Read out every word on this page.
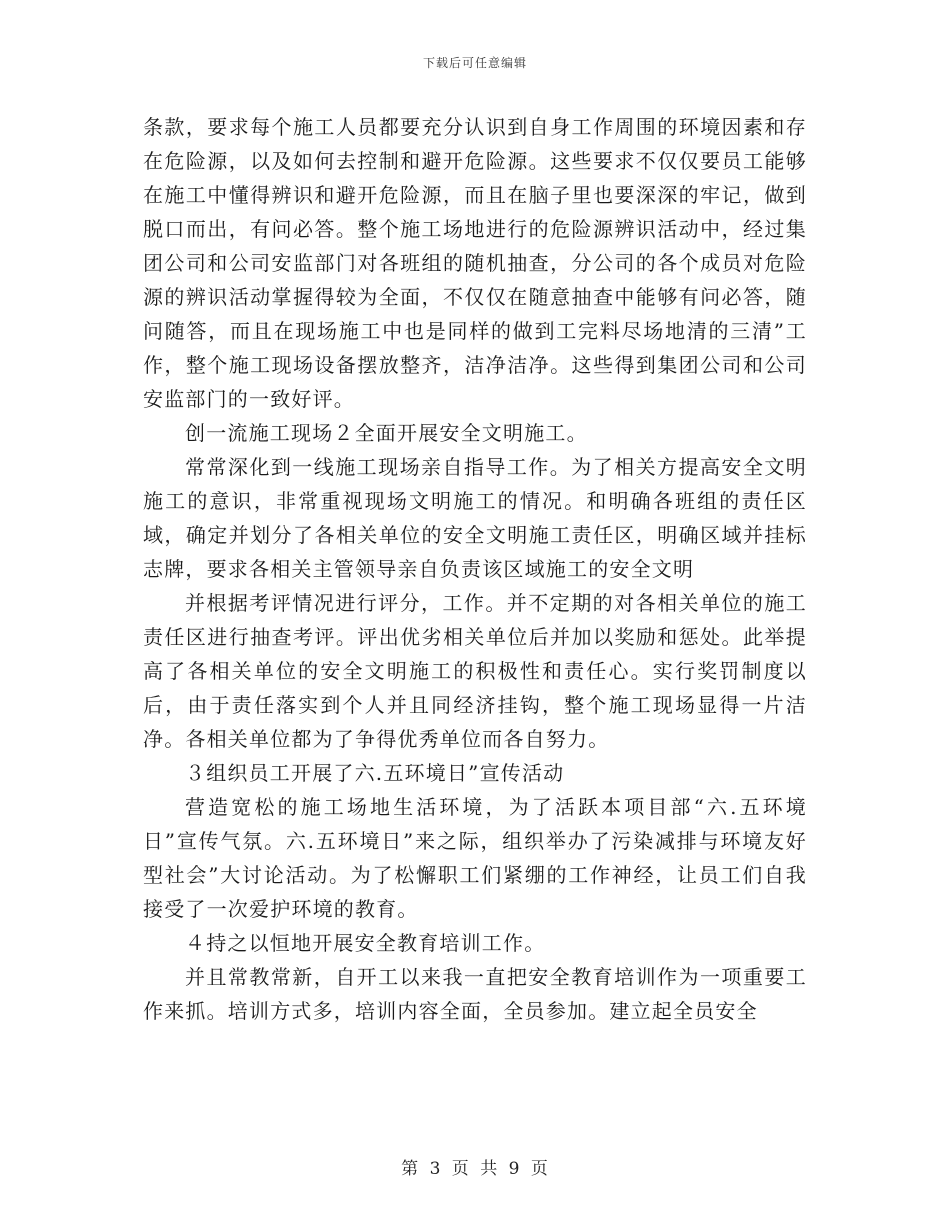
下载后可任意编辑

条款，要求每个施工人员都要充分认识到自身工作周围的环境因素和存在危险源，以及如何去控制和避开危险源。这些要求不仅仅要员工能够在施工中懂得辨识和避开危险源，而且在脑子里也要深深的牢记，做到脱口而出，有问必答。整个施工场地进行的危险源辨识活动中，经过集团公司和公司安监部门对各班组的随机抽查，分公司的各个成员对危险源的辨识活动掌握得较为全面，不仅仅在随意抽查中能够有问必答，随问随答，而且在现场施工中也是同样的做到工完料尽场地清的三清”工作，整个施工现场设备摆放整齐，洁净洁净。这些得到集团公司和公司安监部门的一致好评。

创一流施工现场２全面开展安全文明施工。

常常深化到一线施工现场亲自指导工作。为了相关方提高安全文明施工的意识，非常重视现场文明施工的情况。和明确各班组的责任区域，确定并划分了各相关单位的安全文明施工责任区，明确区域并挂标志牌，要求各相关主管领导亲自负责该区域施工的安全文明

并根据考评情况进行评分，工作。并不定期的对各相关单位的施工责任区进行抽查考评。评出优劣相关单位后并加以奖励和惩处。此举提高了各相关单位的安全文明施工的积极性和责任心。实行奖罚制度以后，由于责任落实到个人并且同经济挂钩，整个施工现场显得一片洁净。各相关单位都为了争得优秀单位而各自努力。

３组织员工开展了六.五环境日”宣传活动

营造宽松的施工场地生活环境，为了活跃本项目部“六.五环境日”宣传气氛。六.五环境日”来之际，组织举办了污染减排与环境友好型社会”大讨论活动。为了松懈职工们紧绷的工作神经，让员工们自我接受了一次爱护环境的教育。

４持之以恒地开展安全教育培训工作。

并且常教常新，自开工以来我一直把安全教育培训作为一项重要工作来抓。培训方式多，培训内容全面，全员参加。建立起全员安全

第 3 页 共 9 页
